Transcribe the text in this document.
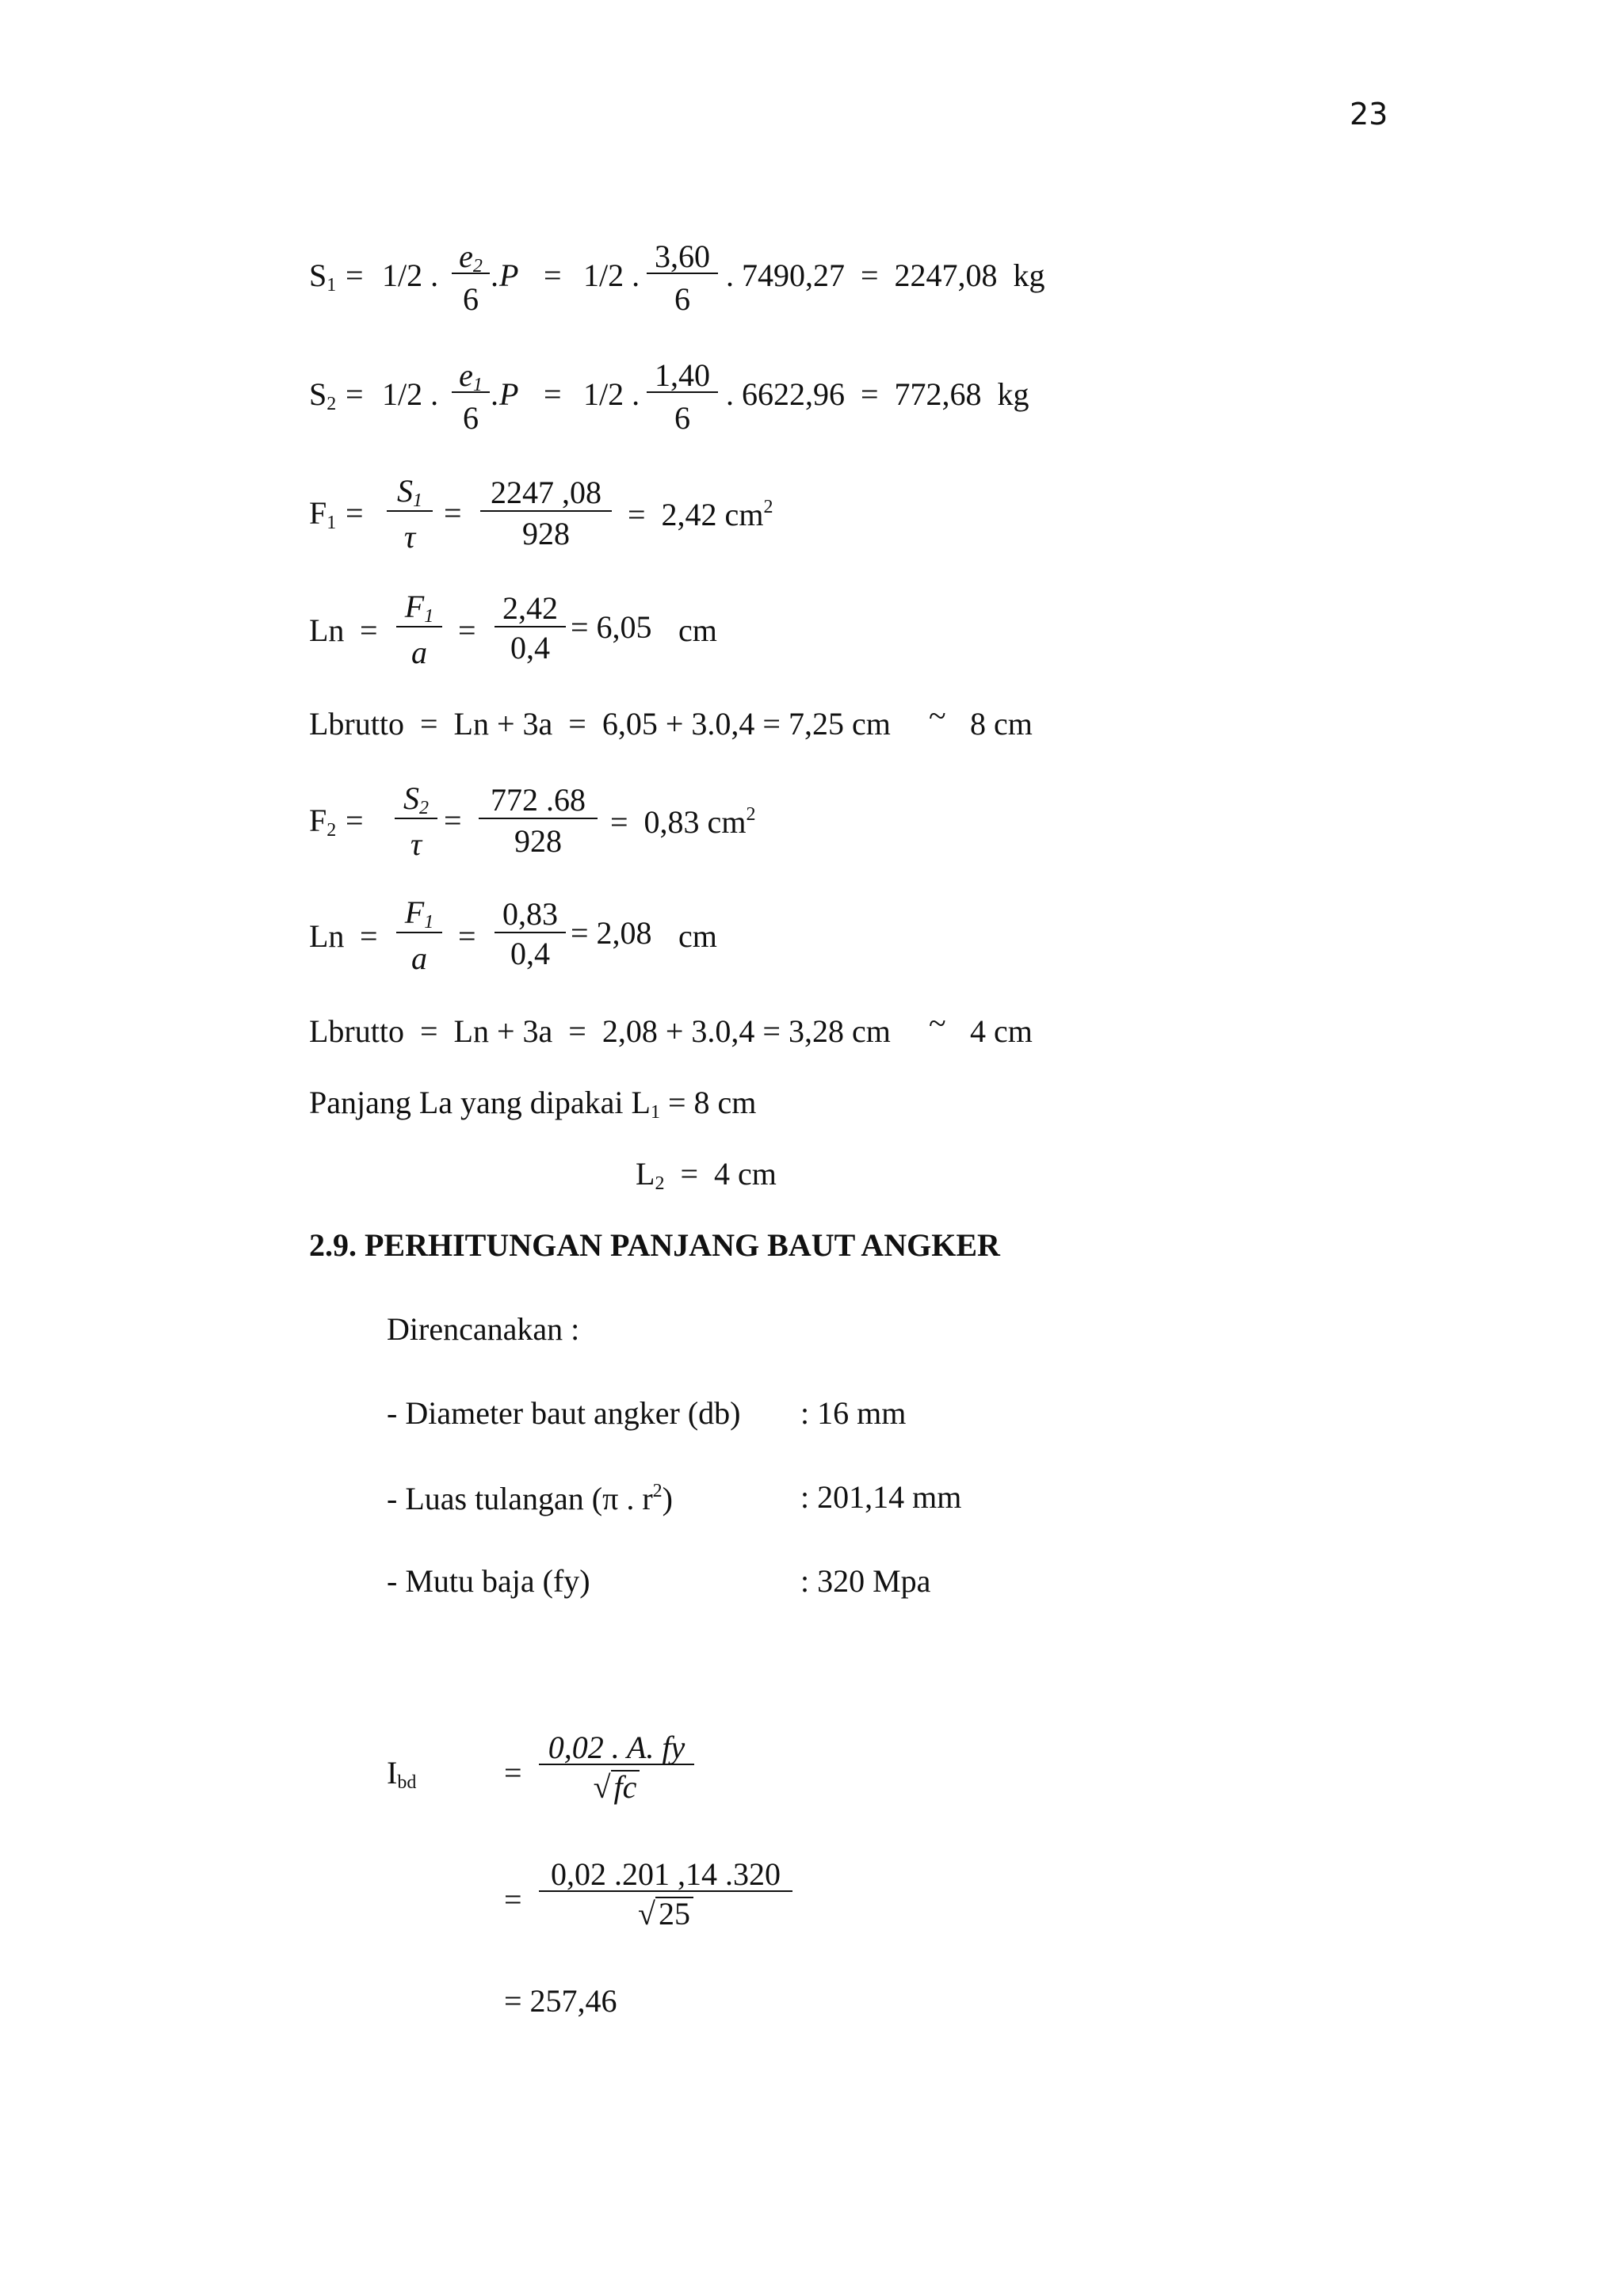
23
$S_1 = 1/2$ .
$e_2$
6
.P = 1/2 .
3,60
6
. 7490,27  =  2247,08  kg
$S_2 = 1/2$ .
$e_1$
6
.P = 1/2 .
1,40
6
. 6622,96  =  772,68  kg
$F_1$ =
$S_1$
τ
=
2247 ,08
928
=  2,42 $cm^2$
Ln =
$F_1$
a
=
2,42
0,4
= 6,05 cm
Lbrutto  =  Ln + 3a  =  6,05 + 3.0,4 = 7,25 cm ~ 8 cm
$F_2$ =
$S_2$
τ
=
772 .68
928
=  0,83 $cm^2$
Ln =
$F_1$
a
=
0,83
0,4
= 2,08 cm
Lbrutto  =  Ln + 3a  =  2,08 + 3.0,4 = 3,28 cm ~ 4 cm
Panjang La yang dipakai $L_1 = 8$ cm
$L_2 = 4$ cm
2.9. PERHITUNGAN PANJANG BAUT ANGKER
Direncanakan :
- Diameter baut angker (db) : 16 mm
- Luas tulangan (π . $r^2$)	: 201,14 mm
- Mutu baja (fy)	: 320 Mpa
$I_{bd}$	=
0,02 . A. fy
√ fc
=
0,02 .201 ,14 .320
√ 25
= 257,46
